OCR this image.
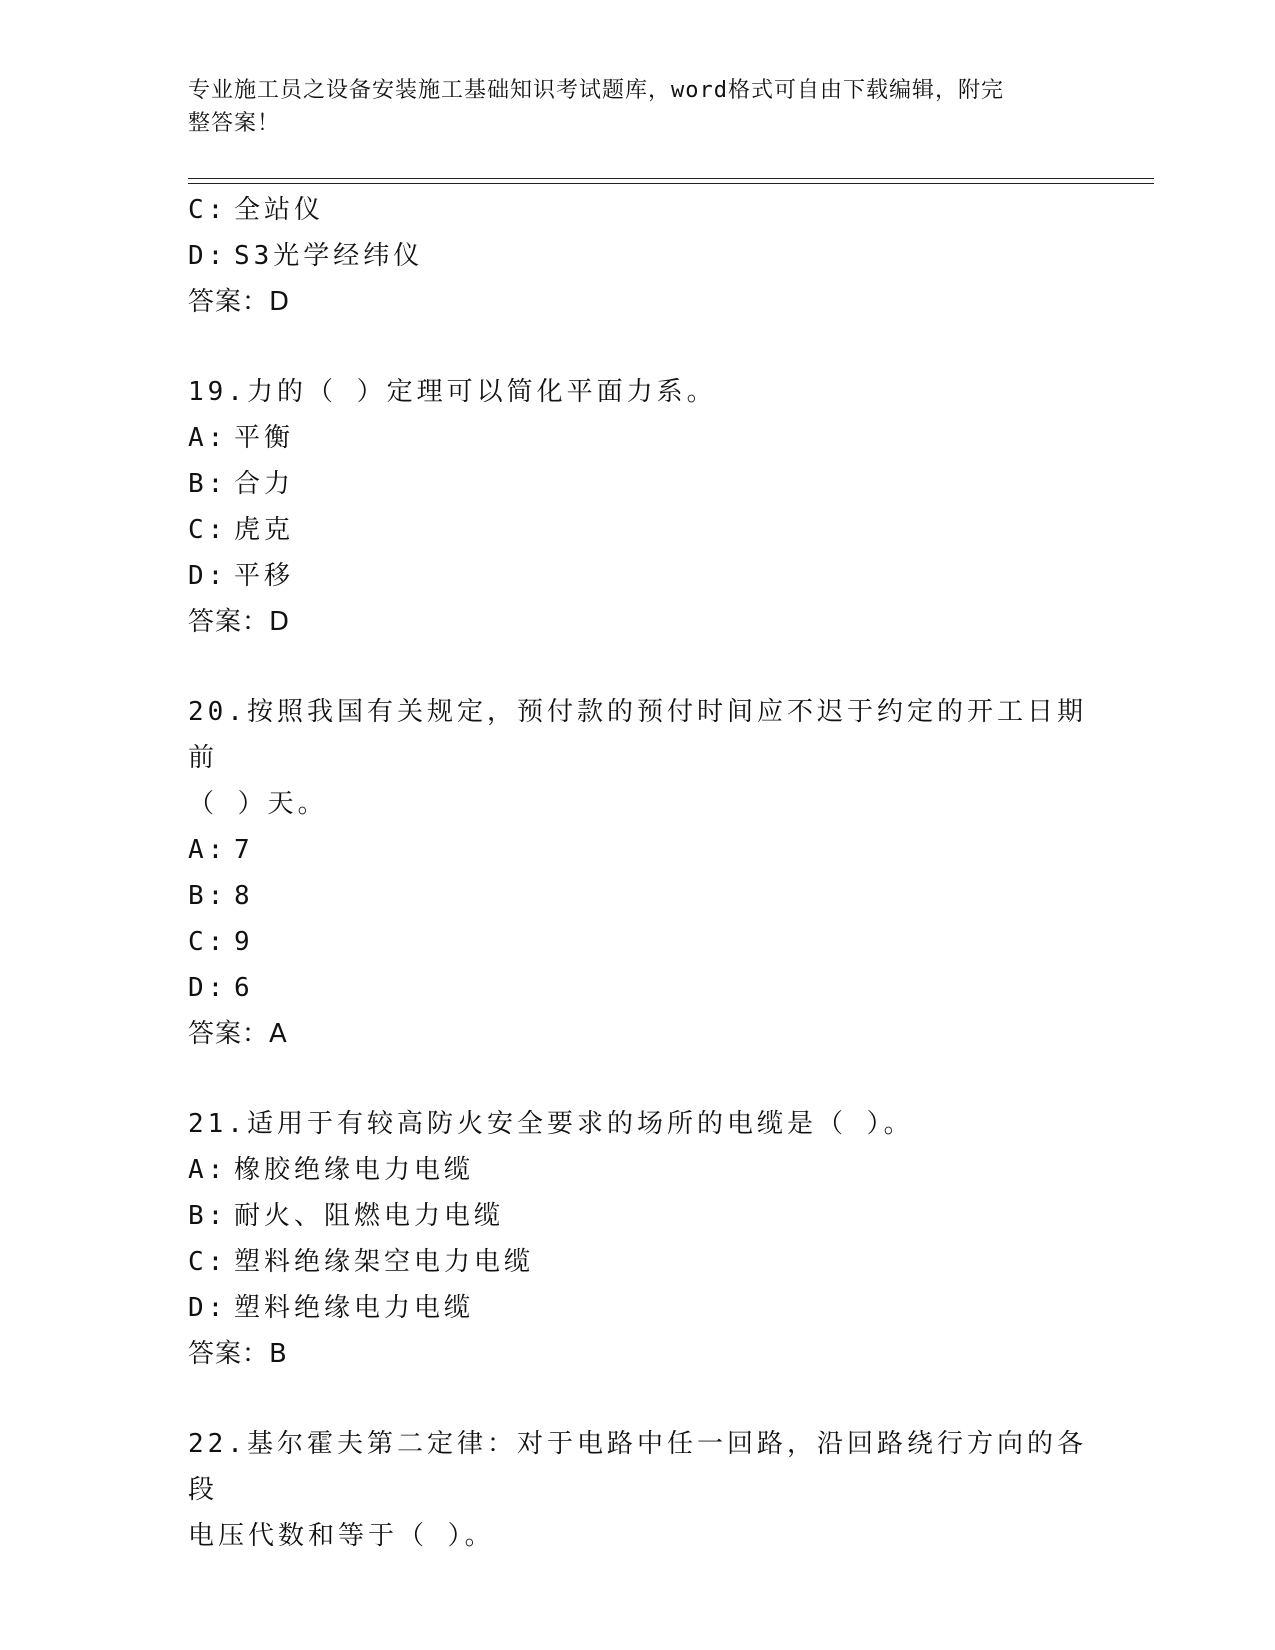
专业施工员之设备安装施工基础知识考试题库，word格式可自由下载编辑，附完
整答案！
C: 全站仪
D: S3光学经纬仪
答案：D
19.力的（ ）定理可以简化平面力系。
A: 平衡
B: 合力
C: 虎克
D: 平移
答案：D
20.按照我国有关规定，预付款的预付时间应不迟于约定的开工日期前
（ ）天。
A: 7
B: 8
C: 9
D: 6
答案：A
21.适用于有较高防火安全要求的场所的电缆是（ ）。
A: 橡胶绝缘电力电缆
B: 耐火、阻燃电力电缆
C: 塑料绝缘架空电力电缆
D: 塑料绝缘电力电缆
答案：B
22.基尔霍夫第二定律：对于电路中任一回路，沿回路绕行方向的各段
电压代数和等于（ ）。
